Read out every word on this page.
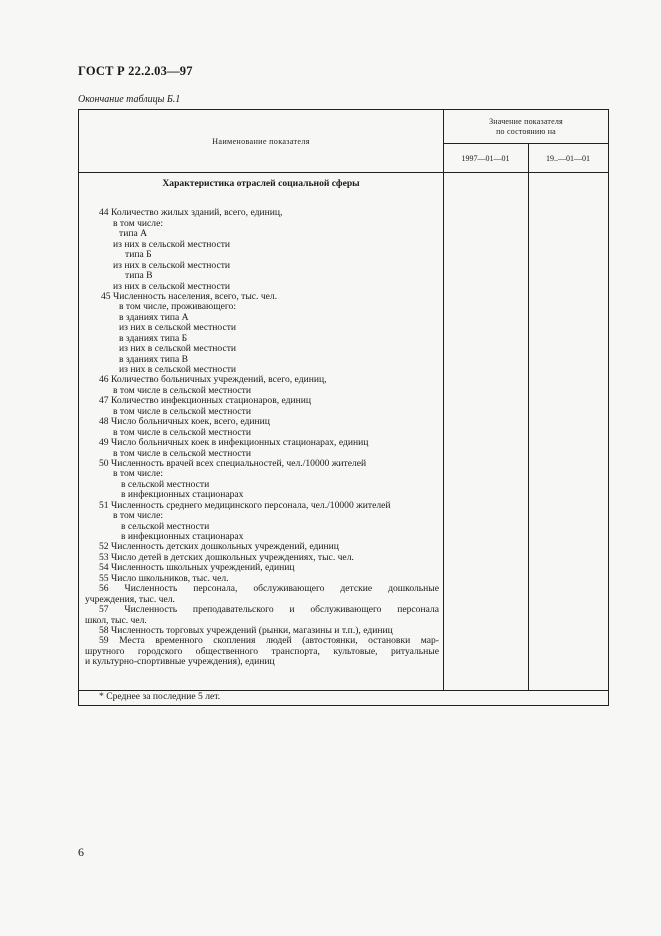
ГОСТ Р 22.2.03—97
Окончание таблицы Б.1
Наименование показателя
Значение показателя
по состоянию на
1997—01—01	19..—01—01
Характеристика отраслей социальной сферы
44 Количество жилых зданий, всего, единиц,
в том числе:
типа А
из них в сельской местности
типа Б
из них в сельской местности
типа В
из них в сельской местности
45 Численность населения, всего, тыс. чел.
в том числе, проживающего:
в зданиях типа А
из них в сельской местности
в зданиях типа Б
из них в сельской местности
в зданиях типа В
из них в сельской местности
46 Количество больничных учреждений, всего, единиц,
в том числе в сельской местности
47 Количество инфекционных стационаров, единиц
в том числе в сельской местности
48 Число больничных коек, всего, единиц
в том числе в сельской местности
49 Число больничных коек в инфекционных стационарах, единиц
в том числе в сельской местности
50 Численность врачей всех специальностей, чел./10000 жителей
в том числе:
в сельской местности
в инфекционных стационарах
51 Численность среднего медицинского персонала, чел./10000 жителей
в том числе:
в сельской местности
в инфекционных стационарах
52 Численность детских дошкольных учреждений, единиц
53 Число детей в детских дошкольных учреждениях, тыс. чел.
54 Численность школьных учреждений, единиц
55 Число школьников, тыс. чел.
56 Численность персонала, обслуживающего детские дошкольные
учреждения, тыс. чел.
57 Численность преподавательского и обслуживающего персонала
школ, тыс. чел.
58 Численность торговых учреждений (рынки, магазины и т.п.), единиц
59 Места временного скопления людей (автостоянки, остановки мар-
шрутного городского общественного транспорта, культовые, ритуальные
и культурно-спортивные учреждения), единиц
* Среднее за последние 5 лет.
6
